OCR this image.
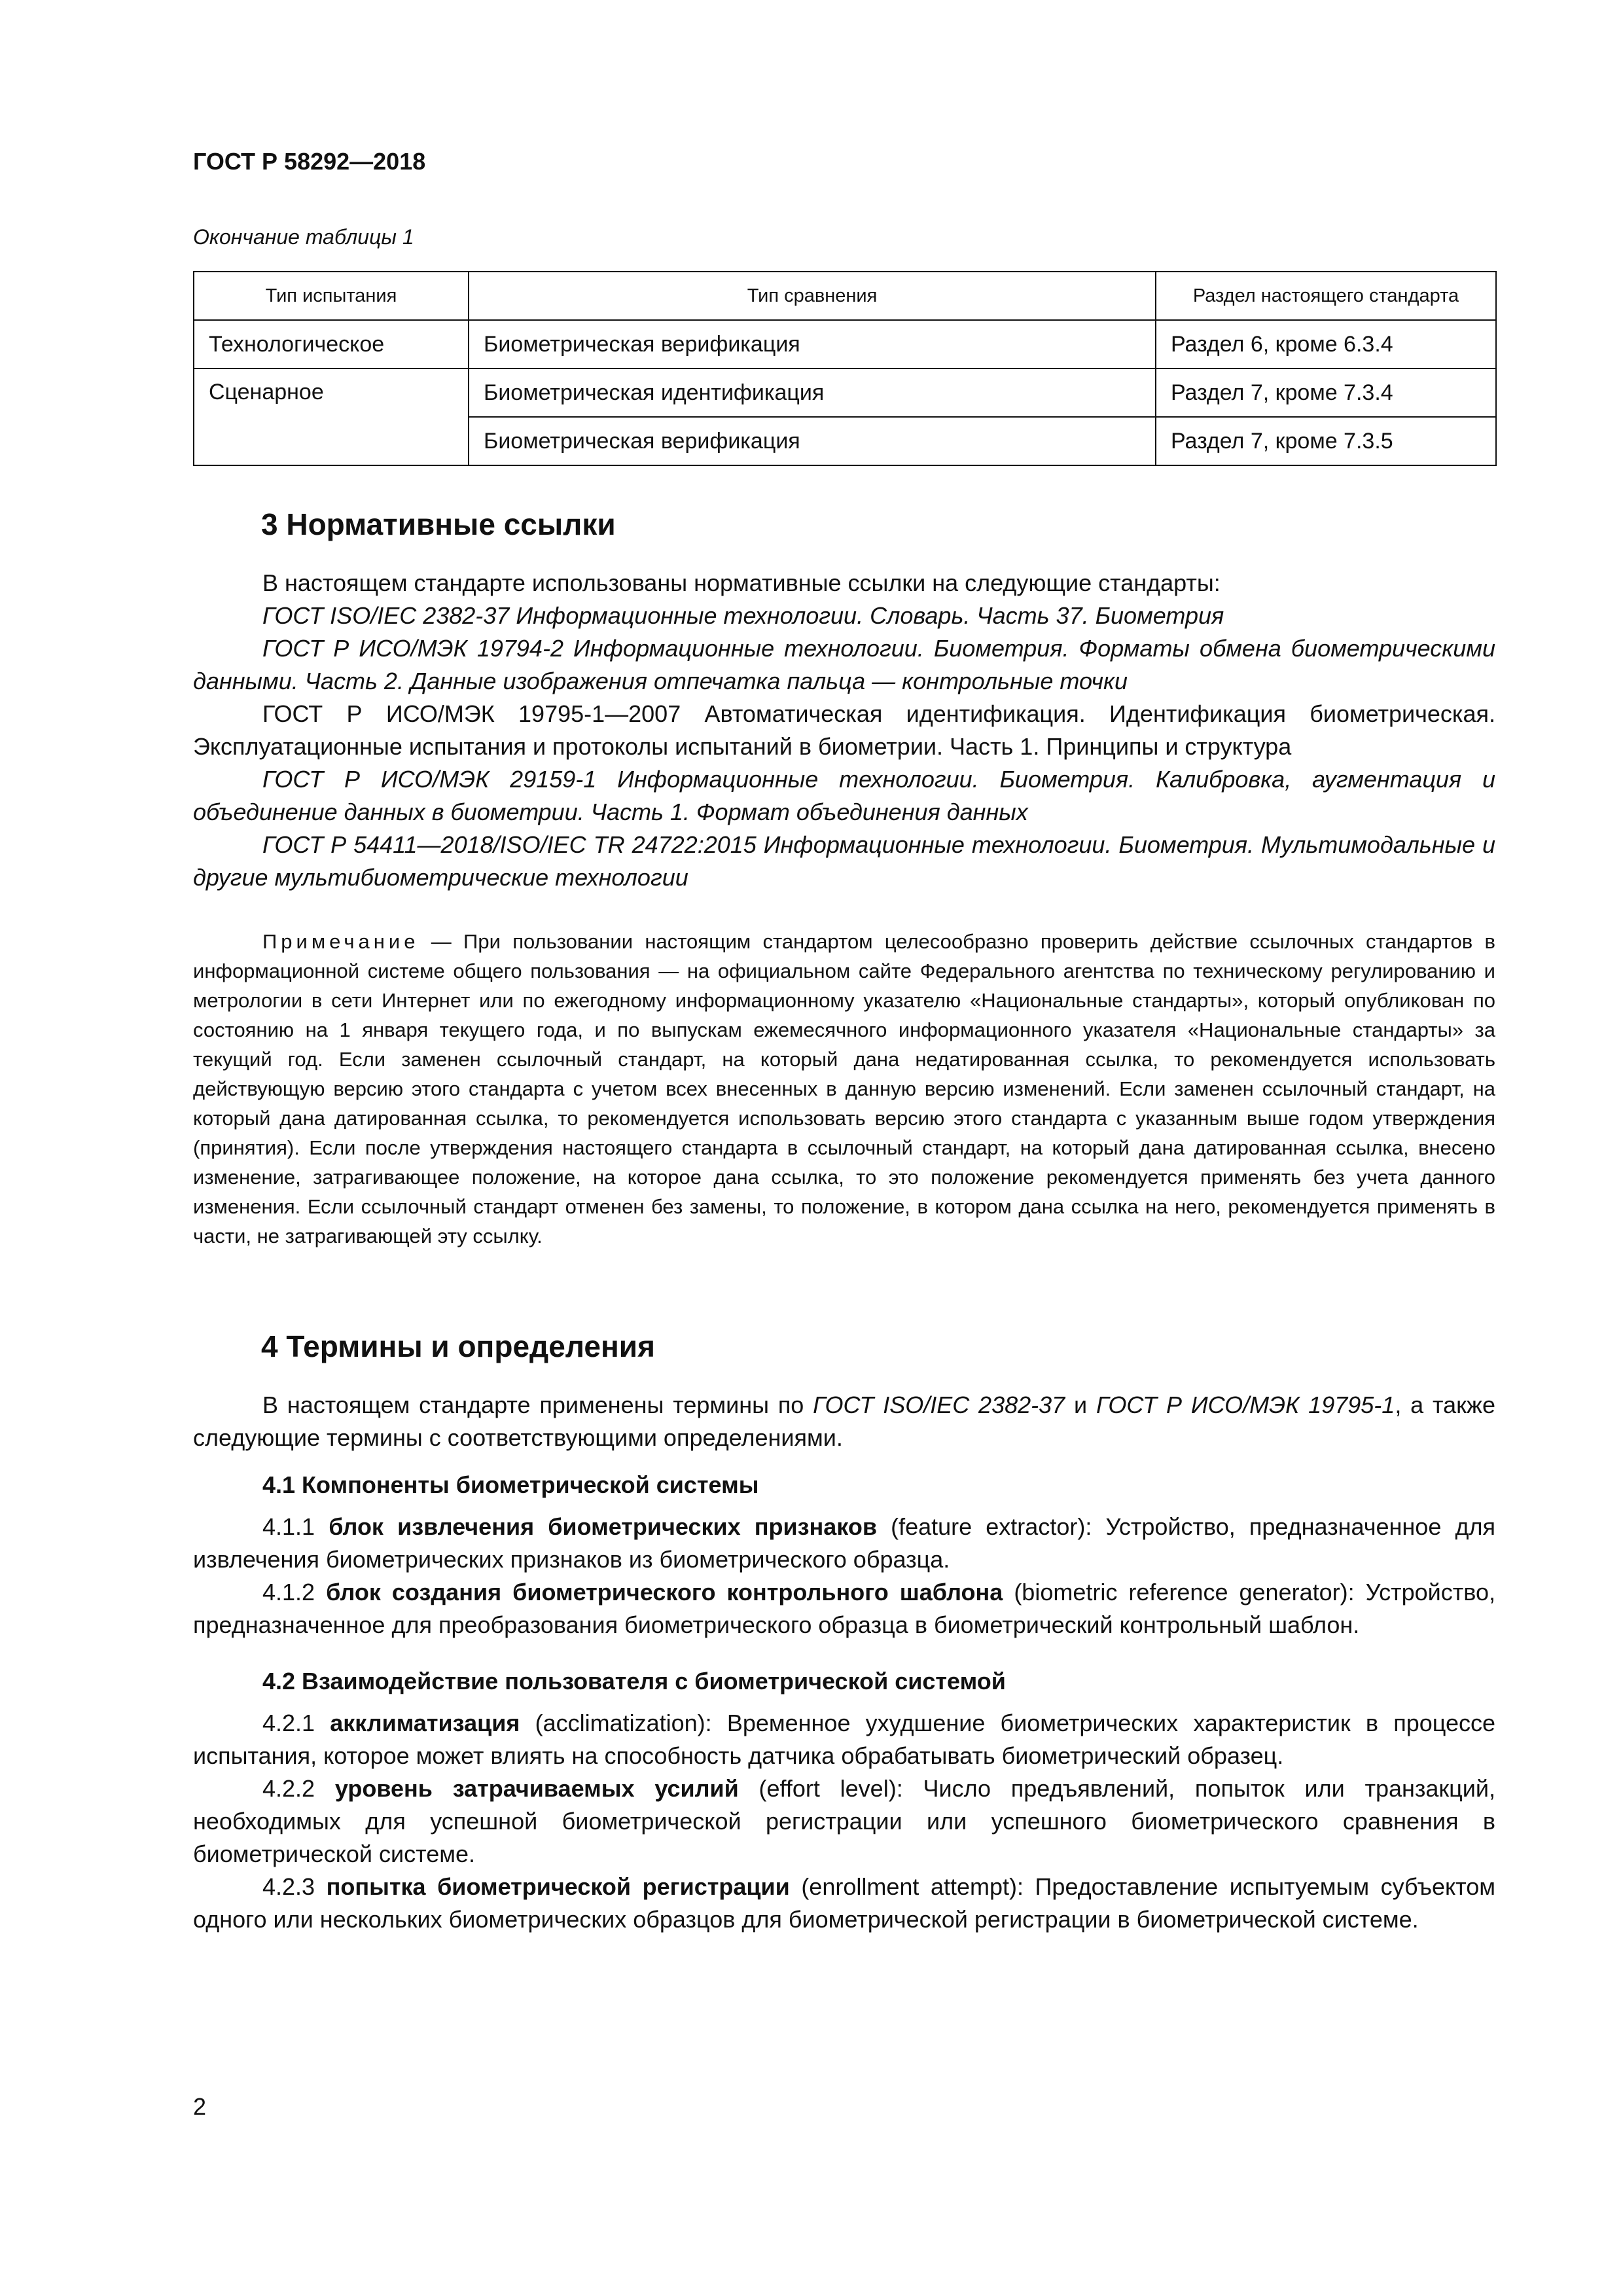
ГОСТ Р 58292—2018
Окончание таблицы 1
Тип испытания	Тип сравнения	Раздел настоящего стандарта
Технологическое	Биометрическая верификация	Раздел 6, кроме 6.3.4
Сценарное	Биометрическая идентификация	Раздел 7, кроме 7.3.4
	Биометрическая верификация	Раздел 7, кроме 7.3.5
3 Нормативные ссылки

В настоящем стандарте использованы нормативные ссылки на следующие стандарты:

ГОСТ ISO/IEC 2382-37 Информационные технологии. Словарь. Часть 37. Биометрия

ГОСТ Р ИСО/МЭК 19794-2 Информационные технологии. Биометрия. Форматы обмена биометрическими данными. Часть 2. Данные изображения отпечатка пальца — контрольные точки

ГОСТ Р ИСО/МЭК 19795-1—2007 Автоматическая идентификация. Идентификация биометрическая. Эксплуатационные испытания и протоколы испытаний в биометрии. Часть 1. Принципы и структура

ГОСТ Р ИСО/МЭК 29159-1 Информационные технологии. Биометрия. Калибровка, аугментация и объединение данных в биометрии. Часть 1. Формат объединения данных

ГОСТ Р 54411—2018/ISO/IEC TR 24722:2015 Информационные технологии. Биометрия. Мультимодальные и другие мультибиометрические технологии

Примечание — При пользовании настоящим стандартом целесообразно проверить действие ссылочных стандартов в информационной системе общего пользования — на официальном сайте Федерального агентства по техническому регулированию и метрологии в сети Интернет или по ежегодному информационному указателю «Национальные стандарты», который опубликован по состоянию на 1 января текущего года, и по выпускам ежемесячного информационного указателя «Национальные стандарты» за текущий год. Если заменен ссылочный стандарт, на который дана недатированная ссылка, то рекомендуется использовать действующую версию этого стандарта с учетом всех внесенных в данную версию изменений. Если заменен ссылочный стандарт, на который дана датированная ссылка, то рекомендуется использовать версию этого стандарта с указанным выше годом утверждения (принятия). Если после утверждения настоящего стандарта в ссылочный стандарт, на который дана датированная ссылка, внесено изменение, затрагивающее положение, на которое дана ссылка, то это положение рекомендуется применять без учета данного изменения. Если ссылочный стандарт отменен без замены, то положение, в котором дана ссылка на него, рекомендуется применять в части, не затрагивающей эту ссылку.

4 Термины и определения

В настоящем стандарте применены термины по ГОСТ ISO/IEC 2382-37 и ГОСТ Р ИСО/МЭК 19795-1, а также следующие термины с соответствующими определениями.

4.1 Компоненты биометрической системы

4.1.1 блок извлечения биометрических признаков (feature extractor): Устройство, предназначенное для извлечения биометрических признаков из биометрического образца.

4.1.2 блок создания биометрического контрольного шаблона (biometric reference generator): Устройство, предназначенное для преобразования биометрического образца в биометрический контрольный шаблон.

4.2 Взаимодействие пользователя с биометрической системой

4.2.1 акклиматизация (acclimatization): Временное ухудшение биометрических характеристик в процессе испытания, которое может влиять на способность датчика обрабатывать биометрический образец.

4.2.2 уровень затрачиваемых усилий (effort level): Число предъявлений, попыток или транзакций, необходимых для успешной биометрической регистрации или успешного биометрического сравнения в биометрической системе.

4.2.3 попытка биометрической регистрации (enrollment attempt): Предоставление испытуемым субъектом одного или нескольких биометрических образцов для биометрической регистрации в биометрической системе.

2
